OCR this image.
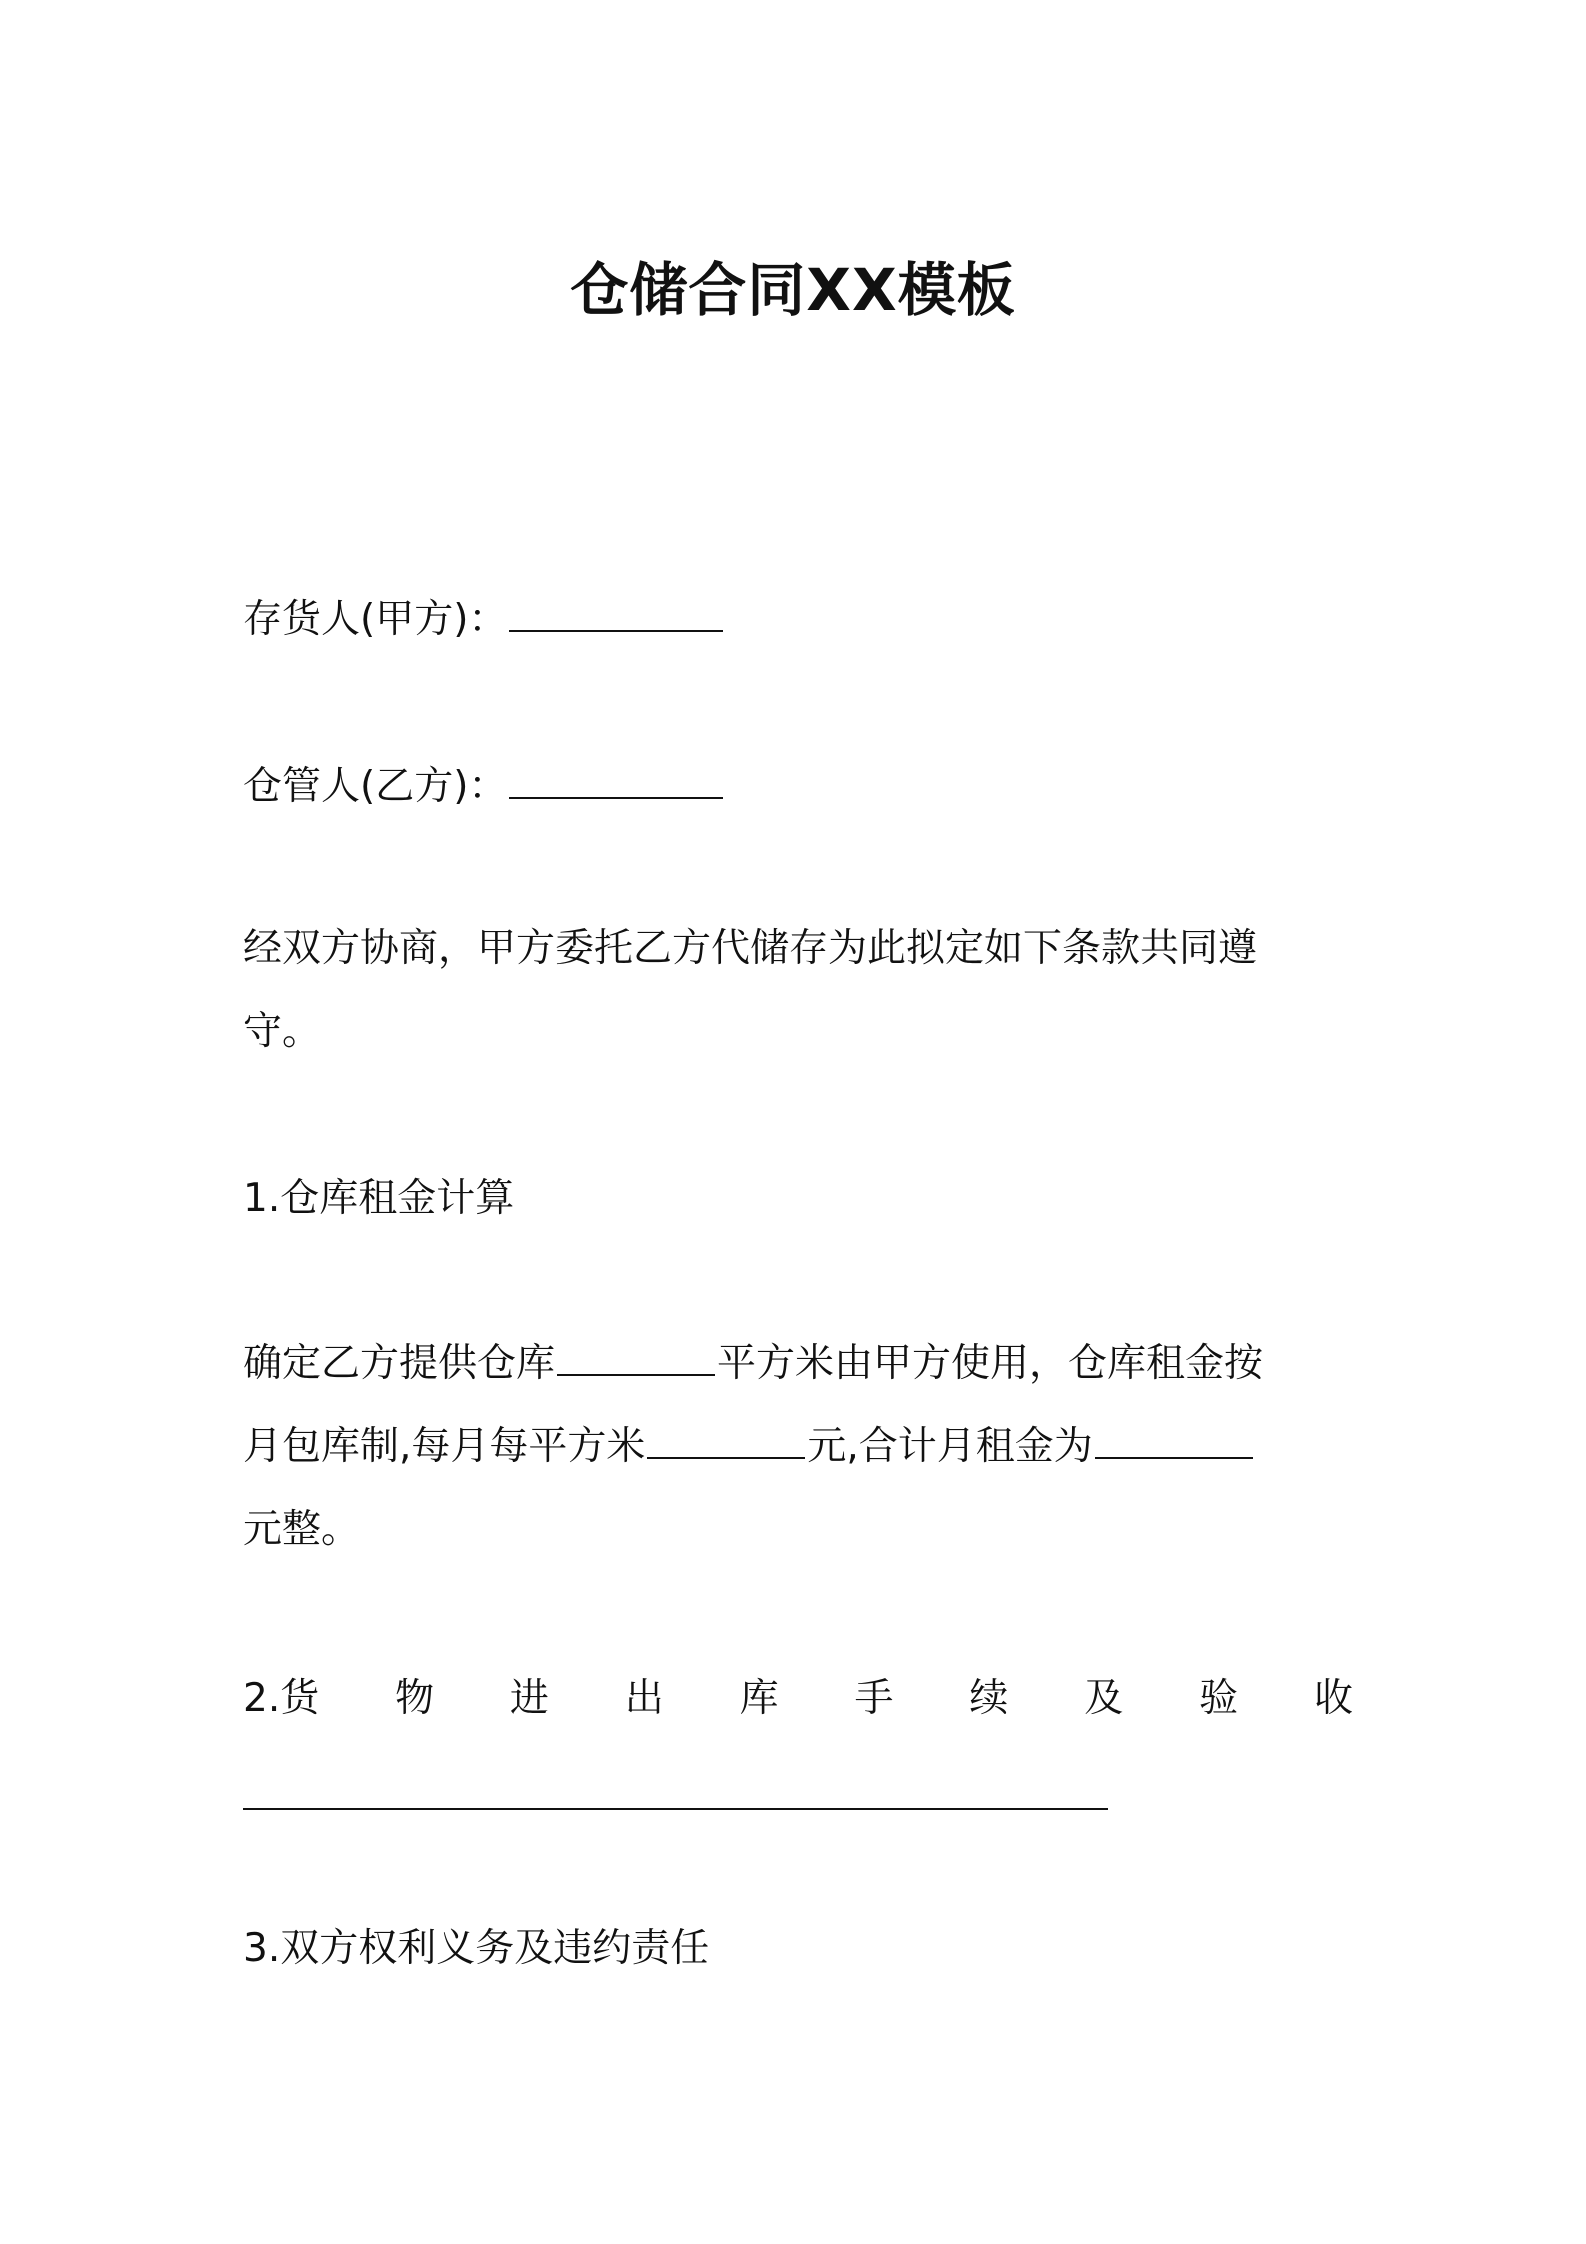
仓储合同XX模板
存货人(甲方)：
仓管人(乙方)：
经双方协商，甲方委托乙方代储存为此拟定如下条款共同遵
守。
1.仓库租金计算
确定乙方提供仓库	平方米由甲方使用，仓库租金按
月包库制,每月每平方米	元,合计月租金为
元整。
2.货 物 进 出 库 手 续 及 验 收
3.双方权利义务及违约责任
